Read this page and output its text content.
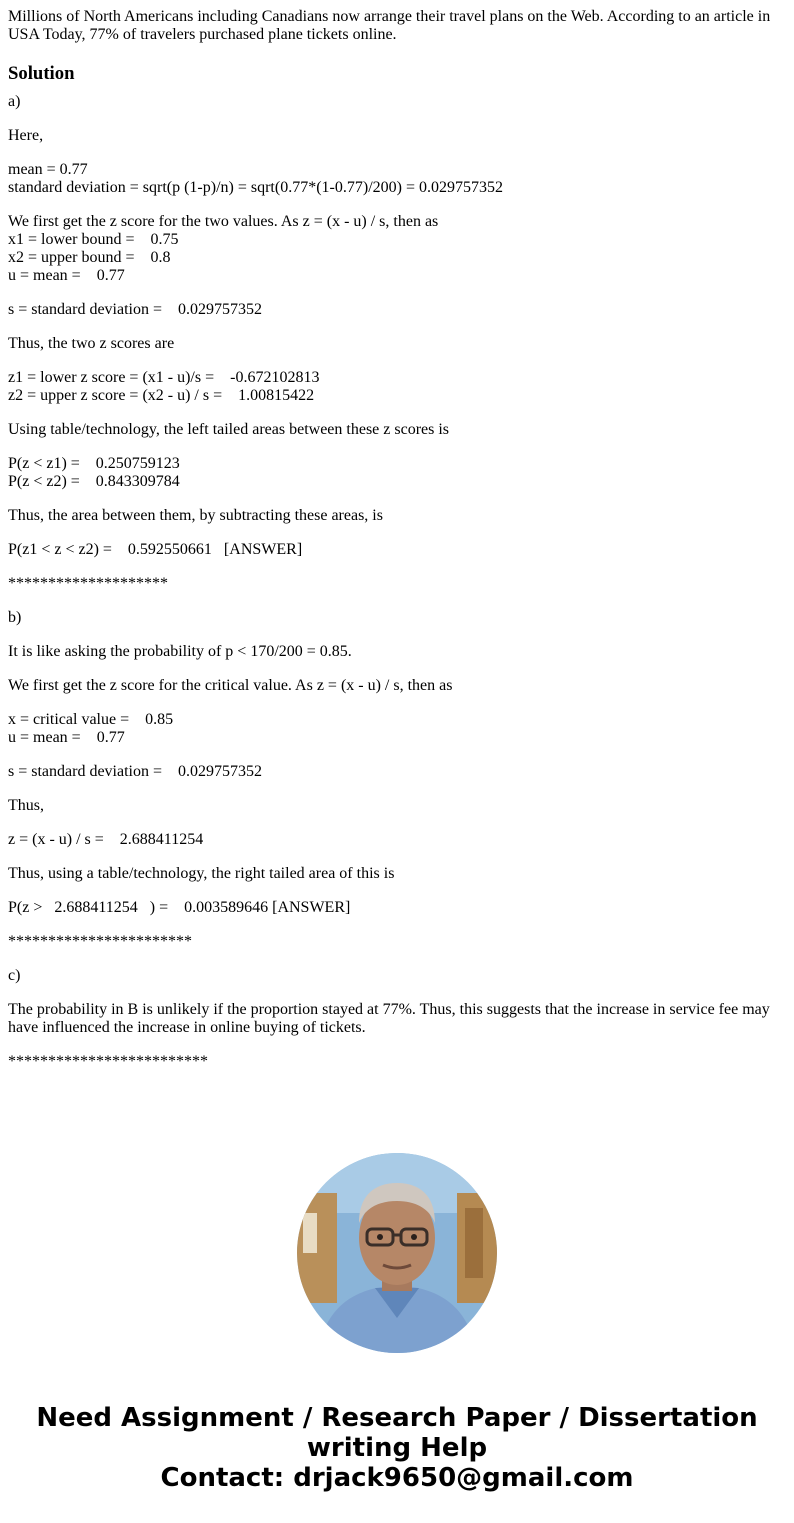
Millions of North Americans including Canadians now arrange their travel plans on the Web. According to an article in USA Today, 77% of travelers purchased plane tickets online.
Solution
a)
Here,
mean = 0.77
standard deviation = sqrt(p (1-p)/n) = sqrt(0.77*(1-0.77)/200) = 0.029757352
We first get the z score for the two values. As z = (x - u) / s, then as
x1 = lower bound =    0.75
x2 = upper bound =    0.8
u = mean =    0.77
s = standard deviation =    0.029757352
Thus, the two z scores are
z1 = lower z score = (x1 - u)/s =    -0.672102813
z2 = upper z score = (x2 - u) / s =    1.00815422
Using table/technology, the left tailed areas between these z scores is
P(z < z1) =    0.250759123
P(z < z2) =    0.843309784
Thus, the area between them, by subtracting these areas, is
P(z1 < z < z2) =    0.592550661   [ANSWER]
********************
b)
It is like asking the probability of p < 170/200 = 0.85.
We first get the z score for the critical value. As z = (x - u) / s, then as
x = critical value =    0.85
u = mean =    0.77
s = standard deviation =    0.029757352
Thus,
z = (x - u) / s =    2.688411254
Thus, using a table/technology, the right tailed area of this is
P(z >   2.688411254   ) =    0.003589646 [ANSWER]
***********************
c)
The probability in B is unlikely if the proportion stayed at 77%. Thus, this suggests that the increase in service fee may have influenced the increase in online buying of tickets.
*************************
Need Assignment / Research Paper / Dissertation
writing Help
Contact: drjack9650@gmail.com
